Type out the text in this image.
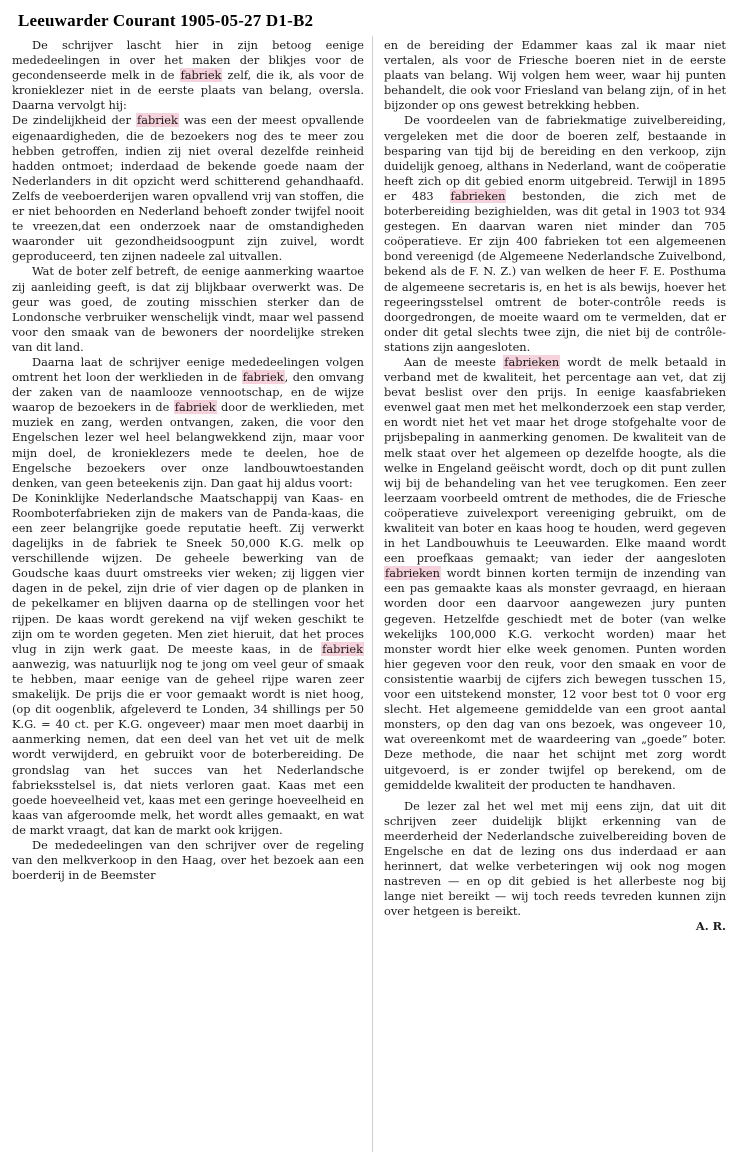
Leeuwarder Courant 1905-05-27 D1-B2

De schrijver lascht hier in zijn betoog eenige mededeelingen in over het maken der blikjes voor de gecondenseerde melk in de fabriek zelf, die ik, als voor de kronieklezer niet in de eerste plaats van belang, oversla. Daarna vervolgt hij:

De zindelijkheid der fabriek was een der meest opvallende eigenaardigheden, die de bezoekers nog des te meer zou hebben getroffen, indien zij niet overal dezelfde reinheid hadden ontmoet; inderdaad de bekende goede naam der Nederlanders in dit opzicht werd schitterend gehandhaafd. Zelfs de veeboerderijen waren opvallend vrij van stoffen, die er niet behoorden en Nederland behoeft zonder twijfel nooit te vreezen,dat een onderzoek naar de omstandigheden waaronder uit gezondheidsoogpunt zijn zuivel, wordt geproduceerd, ten zijnen nadeele zal uitvallen.

Wat de boter zelf betreft, de eenige aanmerking waartoe zij aanleiding geeft, is dat zij blijkbaar overwerkt was. De geur was goed, de zouting misschien sterker dan de Londonsche verbruiker wenschelijk vindt, maar wel passend voor den smaak van de bewoners der noordelijke streken van dit land.

Daarna laat de schrijver eenige mededeelingen volgen omtrent het loon der werklieden in de fabriek, den omvang der zaken van de naamlooze vennootschap, en de wijze waarop de bezoekers in de fabriek door de werklieden, met muziek en zang, werden ontvangen, zaken, die voor den Engelschen lezer wel heel belangwekkend zijn, maar voor mijn doel, de kronieklezers mede te deelen, hoe de Engelsche bezoekers over onze landbouwtoestanden denken, van geen beteekenis zijn. Dan gaat hij aldus voort:

De Koninklijke Nederlandsche Maatschappij van Kaas- en Roomboterfabrieken zijn de makers van de Panda-kaas, die een zeer belangrijke goede reputatie heeft. Zij verwerkt dagelijks in de fabriek te Sneek 50,000 K.G. melk op verschillende wijzen. De geheele bewerking van de Goudsche kaas duurt omstreeks vier weken; zij liggen vier dagen in de pekel, zijn drie of vier dagen op de planken in de pekelkamer en blijven daarna op de stellingen voor het rijpen. De kaas wordt gerekend na vijf weken geschikt te zijn om te worden gegeten. Men ziet hieruit, dat het proces vlug in zijn werk gaat. De meeste kaas, in de fabriek aanwezig, was natuurlijk nog te jong om veel geur of smaak te hebben, maar eenige van de geheel rijpe waren zeer smakelijk. De prijs die er voor gemaakt wordt is niet hoog, (op dit oogenblik, afgeleverd te Londen, 34 shillings per 50 K.G. = 40 ct. per K.G. ongeveer) maar men moet daarbij in aanmerking nemen, dat een deel van het vet uit de melk wordt verwijderd, en gebruikt voor de boterbereiding. De grondslag van het succes van het Nederlandsche fabrieksstelsel is, dat niets verloren gaat. Kaas met een goede hoeveelheid vet, kaas met een geringe hoeveelheid en kaas van afgeroomde melk, het wordt alles gemaakt, en wat de markt vraagt, dat kan de markt ook krijgen.

De mededeelingen van den schrijver over de regeling van den melkverkoop in den Haag, over het bezoek aan een boerderij in de Beemster

en de bereiding der Edammer kaas zal ik maar niet vertalen, als voor de Friesche boeren niet in de eerste plaats van belang. Wij volgen hem weer, waar hij punten behandelt, die ook voor Friesland van belang zijn, of in het bijzonder op ons gewest betrekking hebben.

De voordeelen van de fabriekmatige zuivelbereiding, vergeleken met die door de boeren zelf, bestaande in besparing van tijd bij de bereiding en den verkoop, zijn duidelijk genoeg, althans in Nederland, want de coöperatie heeft zich op dit gebied enorm uitgebreid. Terwijl in 1895 er 483 fabrieken bestonden, die zich met de boterbereiding bezighielden, was dit getal in 1903 tot 934 gestegen. En daarvan waren niet minder dan 705 coöperatieve. Er zijn 400 fabrieken tot een algemeenen bond vereenigd (de Algemeene Nederlandsche Zuivelbond, bekend als de F. N. Z.) van welken de heer F. E. Posthuma de algemeene secretaris is, en het is als bewijs, hoever het regeeringsstelsel omtrent de boter-contrôle reeds is doorgedrongen, de moeite waard om te vermelden, dat er onder dit getal slechts twee zijn, die niet bij de contrôle-stations zijn aangesloten.

Aan de meeste fabrieken wordt de melk betaald in verband met de kwaliteit, het percentage aan vet, dat zij bevat beslist over den prijs. In eenige kaasfabrieken evenwel gaat men met het melkonderzoek een stap verder, en wordt niet het vet maar het droge stofgehalte voor de prijsbepaling in aanmerking genomen. De kwaliteit van de melk staat over het algemeen op dezelfde hoogte, als die welke in Engeland geëischt wordt, doch op dit punt zullen wij bij de behandeling van het vee terugkomen. Een zeer leerzaam voorbeeld omtrent de methodes, die de Friesche coöperatieve zuivelexport vereeniging gebruikt, om de kwaliteit van boter en kaas hoog te houden, werd gegeven in het Landbouwhuis te Leeuwarden. Elke maand wordt een proefkaas gemaakt; van ieder der aangesloten fabrieken wordt binnen korten termijn de inzending van een pas gemaakte kaas als monster gevraagd, en hieraan worden door een daarvoor aangewezen jury punten gegeven. Hetzelfde geschiedt met de boter (van welke wekelijks 100,000 K.G. verkocht worden) maar het monster wordt hier elke week genomen. Punten worden hier gegeven voor den reuk, voor den smaak en voor de consistentie waarbij de cijfers zich bewegen tusschen 15, voor een uitstekend monster, 12 voor best tot 0 voor erg slecht. Het algemeene gemiddelde van een groot aantal monsters, op den dag van ons bezoek, was ongeveer 10, wat overeenkomt met de waardeering van „goede” boter. Deze methode, die naar het schijnt met zorg wordt uitgevoerd, is er zonder twijfel op berekend, om de gemiddelde kwaliteit der producten te handhaven.

De lezer zal het wel met mij eens zijn, dat uit dit schrijven zeer duidelijk blijkt erkenning van de meerderheid der Nederlandsche zuivelbereiding boven de Engelsche en dat de lezing ons dus inderdaad er aan herinnert, dat welke verbeteringen wij ook nog mogen nastreven — en op dit gebied is het allerbeste nog bij lange niet bereikt — wij toch reeds tevreden kunnen zijn over hetgeen is bereikt.

A. R.
